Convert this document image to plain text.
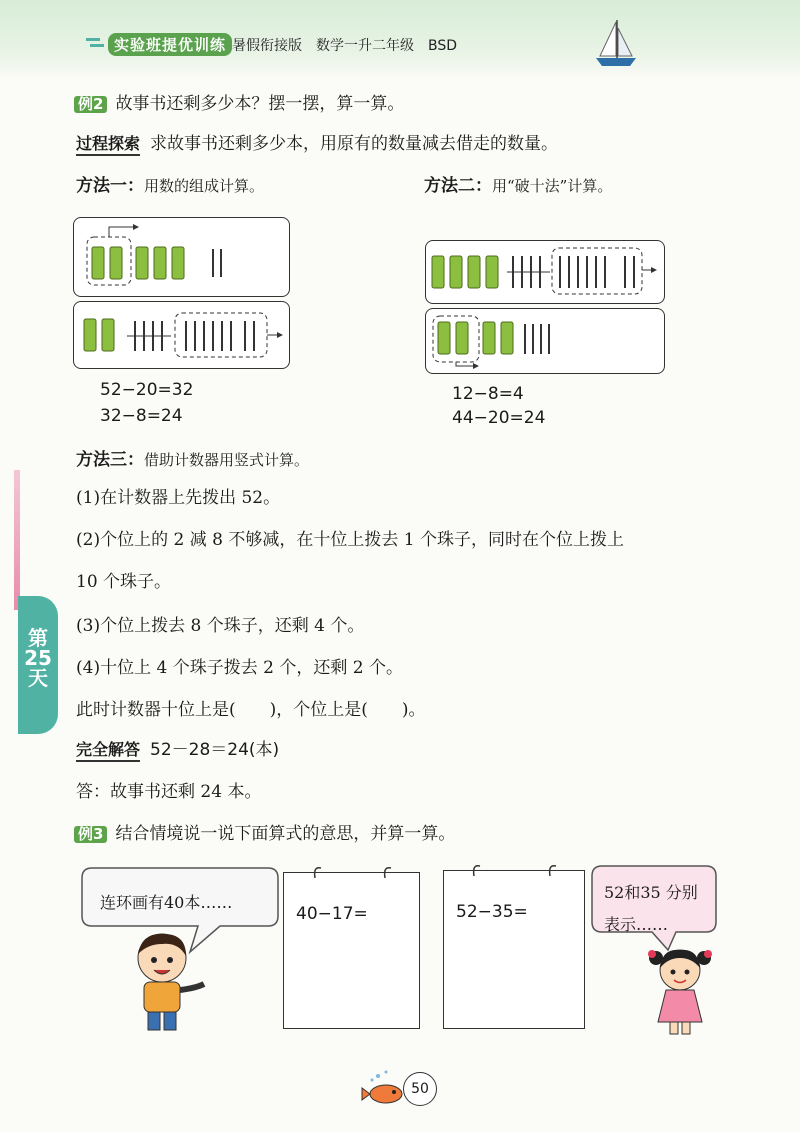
实验班提优训练 暑假衔接版　数学一升二年级　BSD
例2 故事书还剩多少本？摆一摆，算一算。
过程探索 求故事书还剩多少本，用原有的数量减去借走的数量。
方法一：用数的组成计算。	方法二：用“破十法”计算。
52−20=32
32−8=24
12−8=4
44−20=24
方法三：借助计数器用竖式计算。
(1)在计数器上先拨出 52。
(2)个位上的 2 减 8 不够减，在十位上拨去 1 个珠子，同时在个位上拨上
10 个珠子。
(3)个位上拨去 8 个珠子，还剩 4 个。
(4)十位上 4 个珠子拨去 2 个，还剩 2 个。
此时计数器十位上是(　　)，个位上是(　　)。
完全解答 52－28＝24(本)
答：故事书还剩 24 本。
第
25
天
例3 结合情境说一说下面算式的意思，并算一算。
连环画有40本……
40−17=	52−35=
52和35 分别
表示……
50
